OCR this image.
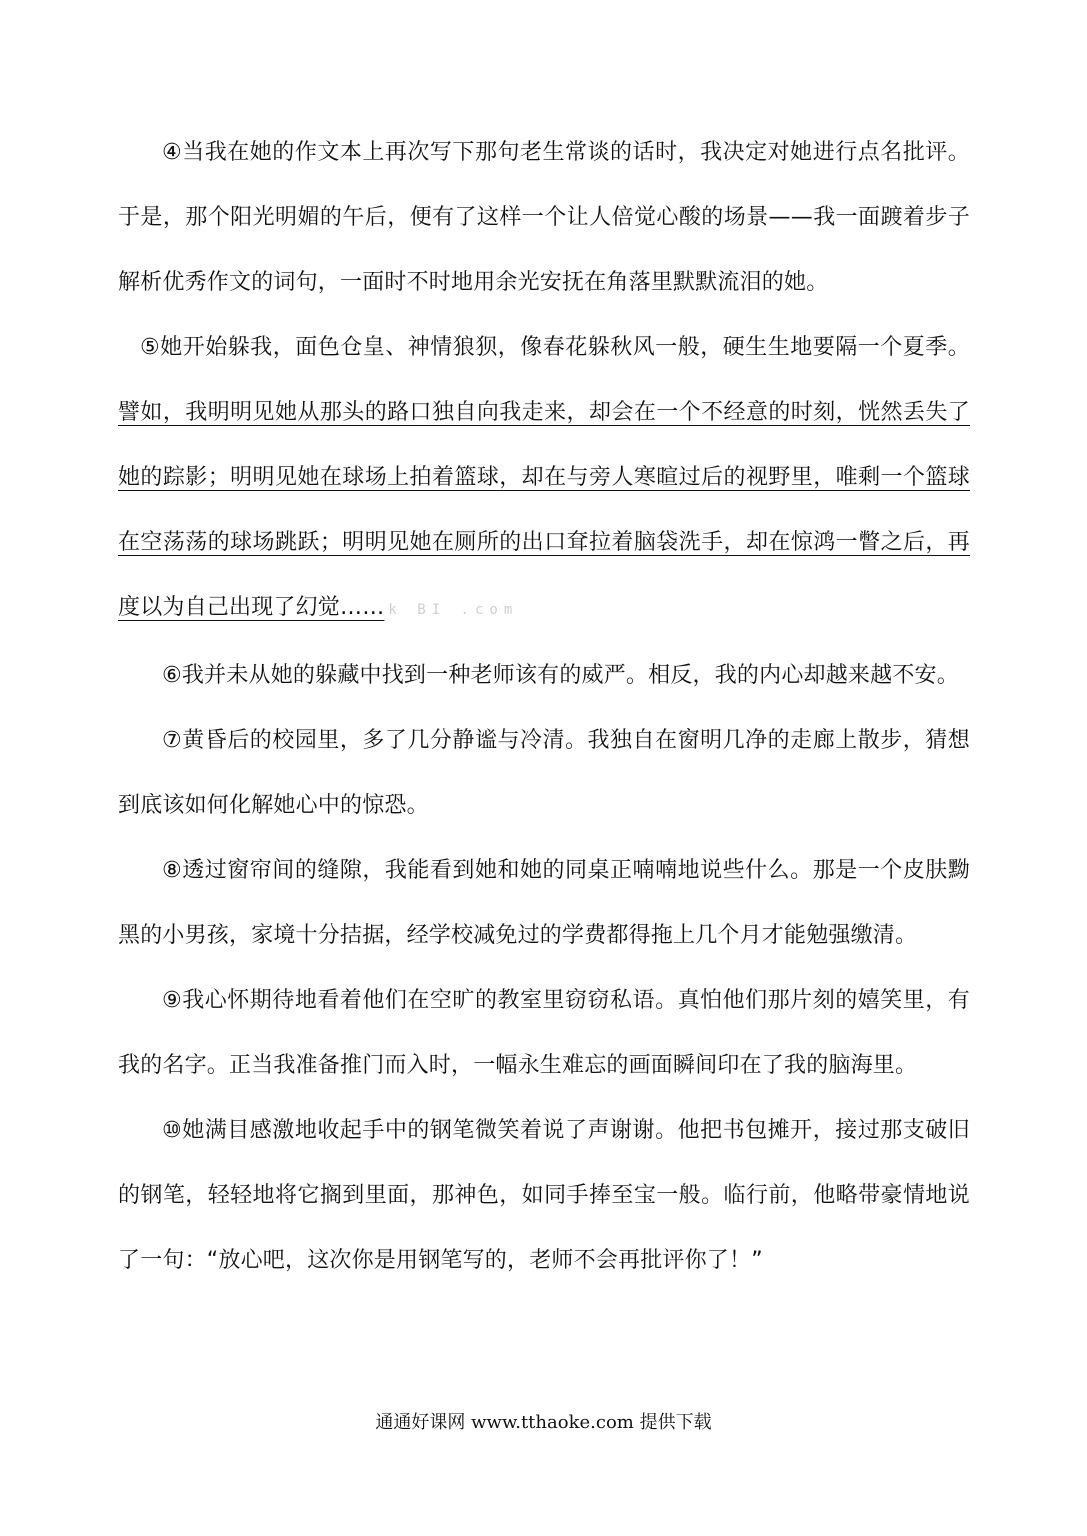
④当我在她的作文本上再次写下那句老生常谈的话时，我决定对她进行点名批评。于是，那个阳光明媚的午后，便有了这样一个让人倍觉心酸的场景——我一面踱着步子解析优秀作文的词句，一面时不时地用余光安抚在角落里默默流泪的她。

⑤她开始躲我，面色仓皇、神情狼狈，像春花躲秋风一般，硬生生地要隔一个夏季。譬如，我明明见她从那头的路口独自向我走来，却会在一个不经意的时刻，恍然丢失了她的踪影；明明见她在球场上拍着篮球，却在与旁人寒暄过后的视野里，唯剩一个篮球在空荡荡的球场跳跃；明明见她在厕所的出口耷拉着脑袋洗手，却在惊鸿一瞥之后，再度以为自己出现了幻觉…… k BI .com

⑥我并未从她的躲藏中找到一种老师该有的威严。相反，我的内心却越来越不安。

⑦黄昏后的校园里，多了几分静谧与冷清。我独自在窗明几净的走廊上散步，猜想到底该如何化解她心中的惊恐。

⑧透过窗帘间的缝隙，我能看到她和她的同桌正喃喃地说些什么。那是一个皮肤黝黑的小男孩，家境十分拮据，经学校减免过的学费都得拖上几个月才能勉强缴清。

⑨我心怀期待地看着他们在空旷的教室里窃窃私语。真怕他们那片刻的嬉笑里，有我的名字。正当我准备推门而入时，一幅永生难忘的画面瞬间印在了我的脑海里。

⑩她满目感激地收起手中的钢笔微笑着说了声谢谢。他把书包摊开，接过那支破旧的钢笔，轻轻地将它搁到里面，那神色，如同手捧至宝一般。临行前，他略带豪情地说了一句：“放心吧，这次你是用钢笔写的，老师不会再批评你了！”

通通好课网 www.tthaoke.com 提供下载
